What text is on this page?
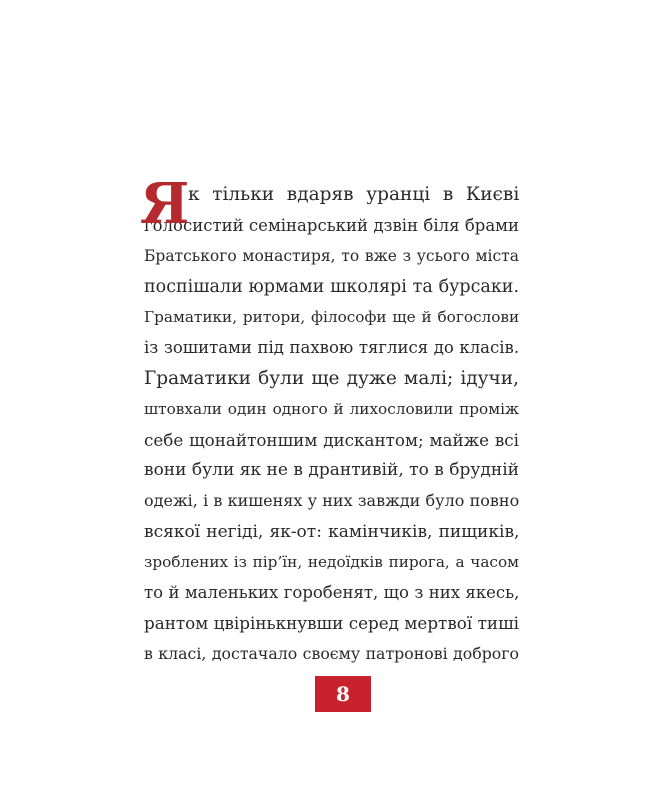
Я
к тільки вдаряв уранці в Києві
голосистий семінарський дзвін біля брами
Братського монастиря, то вже з усього міста
поспішали юрмами школярі та бурсаки.
Граматики, ритори, філософи ще й богослови
із зошитами під пахвою тяглися до класів.
Граматики були ще дуже малі; ідучи,
штовхали один одного й лихословили проміж
себе щонайтоншим дискантом; майже всі
вони були як не в дрантивій, то в брудній
одежі, і в кишенях у них завжди було повно
всякої негіді, як-от: камінчиків, пищиків,
зроблених із пір’їн, недоїдків пирога, а часом
то й маленьких горобенят, що з них якесь,
рантом цвірінькнувши серед мертвої тиші
в класі, достачало своєму патронові доброго
8
